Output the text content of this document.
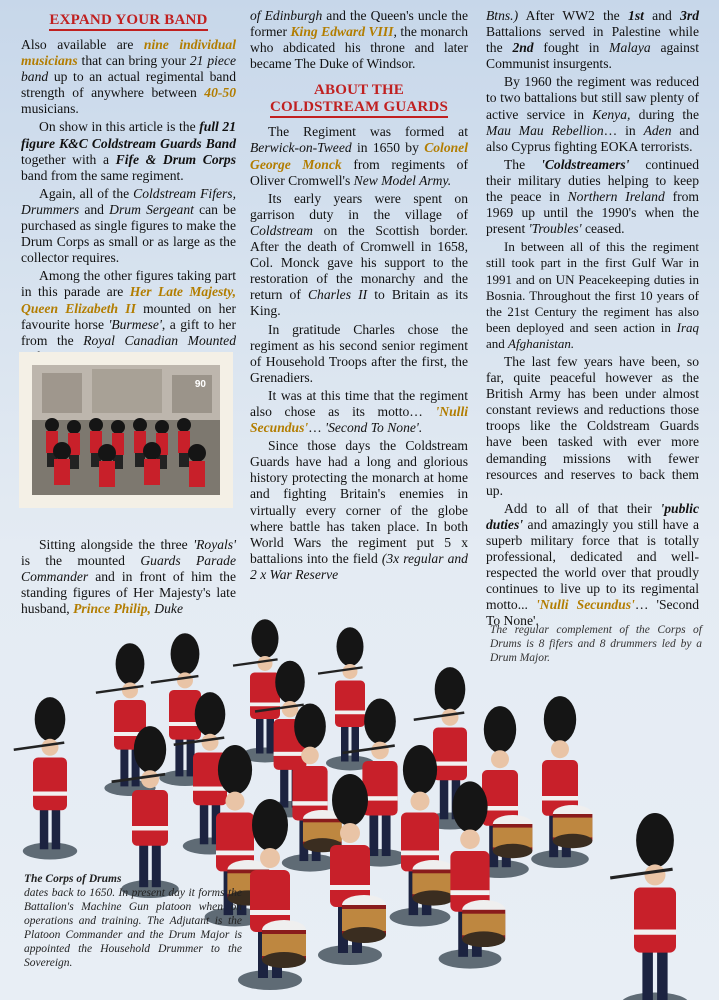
EXPAND YOUR BAND

Also available are nine individual musicians that can bring your 21 piece band up to an actual regimental band strength of anywhere between 40-50 musicians.

On show in this article is the full 21 figure K&C Coldstream Guards Band together with a Fife & Drum Corps band from the same regiment.

Again, all of the Coldstream Fifers, Drummers and Drum Sergeant can be purchased as single figures to make the Drum Corps as small or as large as the collector requires.

Among the other figures taking part in this parade are Her Late Majesty, Queen Elizabeth II mounted on her favourite horse 'Burmese', a gift to her from the Royal Canadian Mounted

90

Sitting alongside the three 'Royals' is the mounted Guards Parade Commander and in front of him the standing figures of Her Majesty's late husband, Prince Philip, Duke

of Edinburgh and the Queen's uncle the former King Edward VIII, the monarch who abdicated his throne and later became The Duke of Windsor.

ABOUT THE
COLDSTREAM GUARDS

The Regiment was formed at Berwick-on-Tweed in 1650 by Colonel George Monck from regiments of Oliver Cromwell's New Model Army.

Its early years were spent on garrison duty in the village of Coldstream on the Scottish border. After the death of Cromwell in 1658, Col. Monck gave his support to the restoration of the monarchy and the return of Charles II to Britain as its King.

In gratitude Charles chose the regiment as his second senior regiment of Household Troops after the first, the Grenadiers.

It was at this time that the regiment also chose as its motto… 'Nulli Secundus'… 'Second To None'.

Since those days the Coldstream Guards have had a long and glorious history protecting the monarch at home and fighting Britain's enemies in virtually every corner of the globe where battle has taken place. In both World Wars the regiment put 5 x battalions into the field (3x regular and 2 x War Reserve

Btns.) After WW2 the 1st and 3rd Battalions served in Palestine while the 2nd fought in Malaya against Communist insurgents.

By 1960 the regiment was reduced to two battalions but still saw plenty of active service in Kenya, during the Mau Mau Rebellion… in Aden and also Cyprus fighting EOKA terrorists.

The 'Coldstreamers' continued their military duties helping to keep the peace in Northern Ireland from 1969 up until the 1990's when the present 'Troubles' ceased.

In between all of this the regiment still took part in the first Gulf War in 1991 and on UN Peacekeeping duties in Bosnia. Throughout the first 10 years of the 21st Century the regiment has also been deployed and seen action in Iraq and Afghanistan.

The last few years have been, so far, quite peaceful however as the British Army has been under almost constant reviews and reductions those troops like the Coldstream Guards have been tasked with ever more demanding missions with fewer resources and reserves to back them up.

Add to all of that their 'public duties' and amazingly you still have a superb military force that is totally professional, dedicated and well-respected the world over that proudly continues to live up to its regimental motto... 'Nulli Secundus'… 'Second To None'.

The regular complement of the Corps of Drums is 8 fifers and 8 drummers led by a Drum Major.
The Corps of Drums
dates back to 1650. In present day it forms the Battalion's Machine Gun platoon when on operations and training. The Adjutant is the Platoon Commander and the Drum Major is appointed the Household Drummer to the Sovereign.
